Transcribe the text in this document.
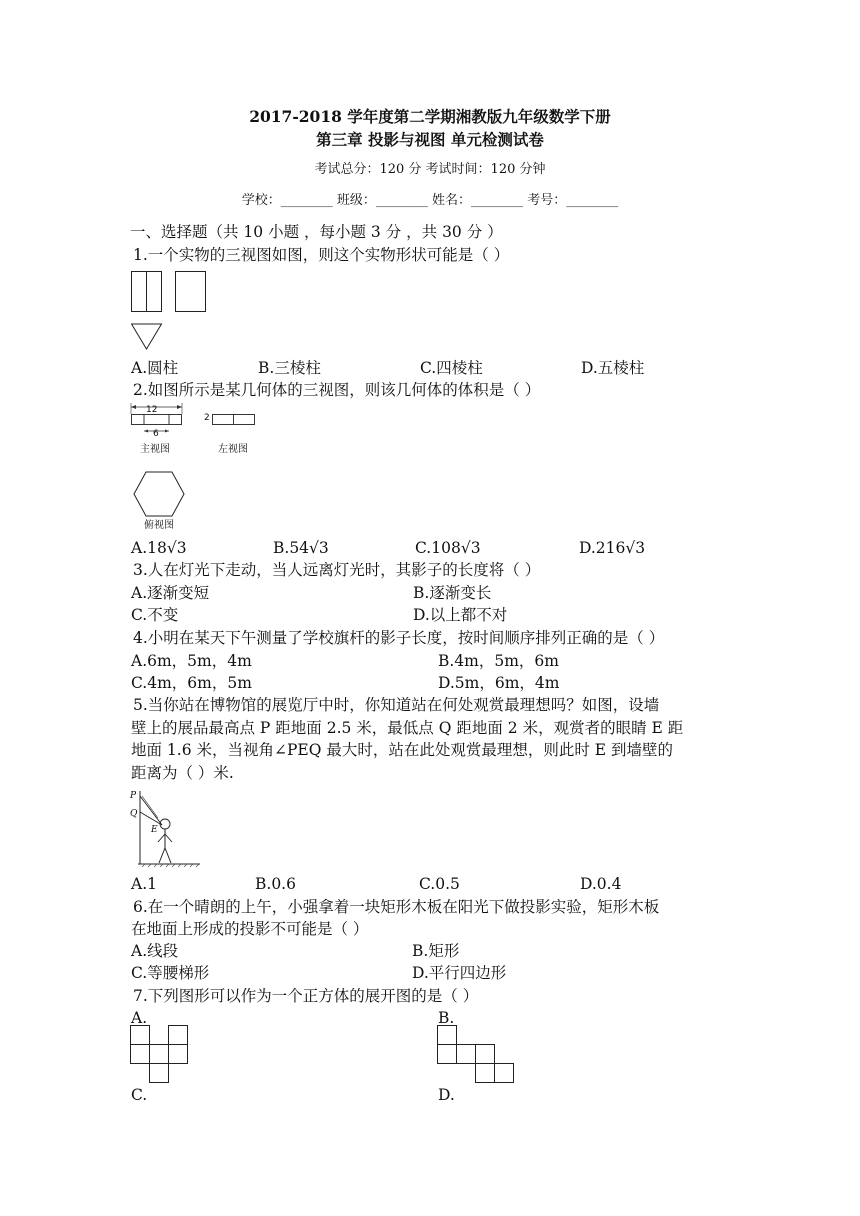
2017-2018 学年度第二学期湘教版九年级数学下册
第三章 投影与视图 单元检测试卷
考试总分：120 分 考试时间：120 分钟
学校：________ 班级：________ 姓名：________ 考号：________
一、选择题（共 10 小题 ，每小题 3 分 ，共 30 分 ）
1.一个实物的三视图如图，则这个实物形状可能是（ ）
A.圆柱	B.三棱柱	C.四棱柱	D.五棱柱
2.如图所示是某几何体的三视图，则该几何体的体积是（ ）
12
6
2
主视图	左视图
俯视图
A.18√3	B.54√3	C.108√3	D.216√3
3.人在灯光下走动，当人远离灯光时，其影子的长度将（ ）
A.逐渐变短	B.逐渐变长
C.不变	D.以上都不对
4.小明在某天下午测量了学校旗杆的影子长度，按时间顺序排列正确的是（ ）
A.6m，5m，4m	B.4m，5m，6m
C.4m，6m，5m	D.5m，6m，4m
5.当你站在博物馆的展览厅中时，你知道站在何处观赏最理想吗？如图，设墙
壁上的展品最高点 P 距地面 2.5 米，最低点 Q 距地面 2 米，观赏者的眼睛 E 距
地面 1.6 米，当视角∠PEQ 最大时，站在此处观赏最理想，则此时 E 到墙壁的
距离为（ ）米.
P
Q
E
A.1	B.0.6	C.0.5	D.0.4
6.在一个晴朗的上午，小强拿着一块矩形木板在阳光下做投影实验，矩形木板
在地面上形成的投影不可能是（ ）
A.线段	B.矩形
C.等腰梯形	D.平行四边形
7.下列图形可以作为一个正方体的展开图的是（ ）
A.	B.
C.	D.
